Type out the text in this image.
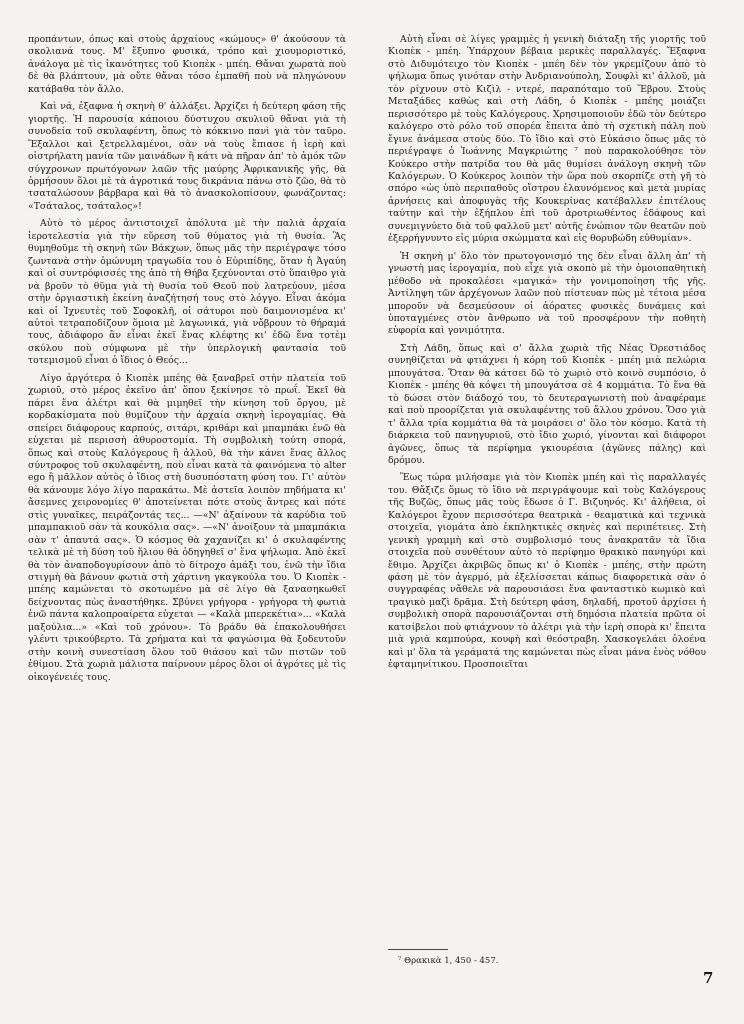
προπάντων, όπως καὶ στοὺς ἀρχαίους «κώμους» θ' ἀκούσουν τὰ σκολιανά τους. Μ' ἔξυπνο φυσικά, τρόπο καὶ χιουμοριστικό, ἀνάλογα μὲ τὶς ἱκανότητες τοῦ Κιοπὲκ - μπέη. Θἄναι χωρατὰ ποὺ δὲ θὰ βλάπτουν, μὰ οὔτε θἄναι τόσο ἐμπαθῆ ποὺ νὰ πληγώνουν κατάβαθα τὸν ἄλλο.

Καὶ νά, ἐξαφνα ἡ σκηνὴ θ' ἀλλάξει. Ἀρχίζει ἡ δεύτερη φάση τῆς γιορτῆς. Ἡ παρουσία κάποιου δύστυχου σκυλιοῦ θἄναι γιὰ τὴ συνοδεία τοῦ σκυλαφέντη, ὅπως τὸ κόκκινο πανὶ γιὰ τὸν ταῦρο. Ἔξαλλοι καὶ ξετρελλαμένοι, σὰν νὰ τοὺς ἔπιασε ἡ ἱερὴ καὶ οἰστρήλατη μανία τῶν μαινάδων ἢ κάτι νὰ πῆραν ἀπ' τὸ ἀμόκ τῶν σύγχρονων πρωτόγονων λαῶν τῆς μαύρης Ἀφρικανικῆς γῆς, θὰ ὁρμήσουν ὅλοι μὲ τὰ ἀγροτικά τους δικράνια πάνω στὸ ζῶο, θὰ τὸ τσαταλώσουν βάρβαρα καὶ θὰ τὸ ἀνασκολοπίσουν, φωνάζοντας: «Τσάταλος, τσάταλος»!

Αὐτὸ τὸ μέρος ἀντιστοιχεῖ ἀπόλυτα μὲ τὴν παλιὰ ἀρχαία ἱεροτελεστία γιὰ τὴν εὕρεση τοῦ θύματος γιὰ τὴ θυσία. Ἂς θυμηθοῦμε τὴ σκηνὴ τῶν Βάκχων, ὅπως μᾶς τὴν περιέγραψε τόσο ζωντανὰ στὴν ὁμώνυμη τραγωδία του ὁ Εὐριπίδης, ὅταν ἡ Ἀγαύη καὶ οἱ συντρόφισσές της ἀπὸ τὴ Θήβα ξεχύνονται στὸ ὕπαιθρο γιὰ νὰ βροῦν τὸ θῦμα γιὰ τὴ θυσία τοῦ Θεοῦ ποὺ λατρεύουν, μέσα στὴν ὀργιαστικὴ ἐκείνη ἀναζήτησή τους στὸ λόγγο. Εἶναι ἀκόμα καὶ οἱ Ἰχνευτὲς τοῦ Σοφοκλῆ, οἱ σάτυροι ποὺ δαιμονισμένα κι' αὐτοὶ τετραποδίζουν ὅμοια μὲ λαγωνικά, γιὰ νὄβρουν τὸ θήραμά τους, ἀδιάφορο ἂν εἶναι ἐκεῖ ἕνας κλέφτης κι' ἐδῶ ἕνα τοτὲμ σκύλου ποὺ σύμφωνα μὲ τὴν ὑπερλογικὴ φαντασία τοῦ τοτεμισμοῦ εἶναι ὁ ἴδιος ὁ Θεός...

Λίγο ἀργότερα ὁ Κιοπὲκ μπέης θὰ ξαναβρεῖ στὴν πλατεία τοῦ χωριοῦ, στὸ μέρος ἐκεῖνο ἀπ' ὅπου ξεκίνησε τὸ πρωΐ. Ἐκεῖ θὰ πάρει ἕνα ἀλέτρι καὶ θὰ μιμηθεῖ τὴν κίνηση τοῦ ὄργου, μὲ κορδακίσματα ποὺ θυμίζουν τὴν ἀρχαία σκηνὴ ἱερογαμίας. Θὰ σπείρει διάφορους καρπούς, σιτάρι, κριθάρι καὶ μπαμπάκι ἐνῶ θὰ εὐχεται μὲ περισσὴ ἀθυροστομία. Τὴ συμβολικὴ τούτη σπορά, ὅπως καὶ στοὺς Καλόγερους ἢ ἀλλοῦ, θὰ τὴν κάνει ἕνας ἄλλος σύντροφος τοῦ σκυλαφέντη, ποὺ εἶναι κατὰ τὰ φαινόμενα τὸ alter ego ἢ μᾶλλον αὐτὸς ὁ ἴδιος στὴ δυσυπόστατη φύση του. Γι' αὐτὸν θὰ κάνουμε λόγο λίγο παρακάτω. Μὲ ἀστεῖα λοιπὸν πηδήματα κι' ἄσεμνες χειρονομίες θ' ἀποτείνεται πότε στοὺς ἄντρες καὶ πότε στὶς γυναῖκες, πειράζοντάς τες... —«Ν' ἀξαίνουν τὰ καρύδια τοῦ μπαμπακιοῦ σὰν τὰ κουκόλια σας». —«Ν' ἀνοίξουν τὰ μπαμπάκια σὰν τ' ἀπαυτά σας». Ὁ κόσμος θὰ χαχανίζει κι' ὁ σκυλαφέντης τελικὰ μὲ τὴ δύση τοῦ ἥλιου θὰ ὁδηγηθεῖ σ' ἕνα ψήλωμα. Ἀπὸ ἐκεῖ θὰ τὸν ἀναποδογυρίσουν ἀπὸ τὸ δίτροχο ἀμάξι του, ἐνῶ τὴν ἴδια στιγμὴ θὰ βάνουν φωτιὰ στὴ χάρτινη γκαγκούλα του. Ὁ Κιοπὲκ - μπέης καμώνεται τὸ σκοτωμένο μὰ σὲ λίγο θὰ ξανασηκωθεῖ δείχνοντας πὼς ἀναστήθηκε. Σβύνει γρήγορα - γρήγορα τὴ φωτιὰ ἐνῶ πάντα καλοπροαίρετα εὐχεται — «Καλὰ μπερεκέτια»... «Καλὰ μαξούλια...» «Καὶ τοῦ χρόνου». Τὸ βράδυ θὰ ἐπακολουθήσει γλέντι τρικούβερτο. Τὰ χρήματα καὶ τὰ φαγώσιμα θὰ ξοδευτοῦν στὴν κοινὴ συνεστίαση ὅλου τοῦ θιάσου καὶ τῶν πιστῶν τοῦ ἐθίμου. Στὰ χωριὰ μάλιστα παίρνουν μέρος ὅλοι οἱ ἀγρότες μὲ τὶς οἰκογένειές τους.

Αὐτὴ εἶναι σὲ λίγες γραμμὲς ἡ γενικὴ διάταξη τῆς γιορτῆς τοῦ Κιοπὲκ - μπέη. Ὑπάρχουν βέβαια μερικὲς παραλλαγές. Ἔξαφνα στὸ Διδυμότειχο τὸν Κιοπὲκ - μπέη δὲν τὸν γκρεμίζουν ἀπὸ τὸ ψήλωμα ὅπως γινόταν στὴν Ἀνδριανούπολη, Σουφλὶ κι' ἀλλοῦ, μὰ τὸν ρίχνουν στὸ Κιζὶλ - ντερέ, παραπόταμο τοῦ Ἕβρου. Στοὺς Μεταξάδες καθὼς καὶ στὴ Λάδη, ὁ Κιοπὲκ - μπέης μοιάζει περισσότερο μὲ τοὺς Καλόγερους. Χρησιμοποιοῦν ἐδῶ τὸν δεύτερο καλόγερο στὸ ρόλο τοῦ σπορέα ἔπειτα ἀπὸ τὴ σχετικὴ πάλη ποὺ ἔγινε ἀνάμεσα στοὺς δύο. Τὸ ἴδιο καὶ στὸ Εὐκάσιο ὅπως μᾶς τὸ περιέγραψε ὁ Ἰωάννης Μαγκριώτης ⁷ ποὺ παρακολούθησε τὸν Κούκερο στὴν πατρίδα του θὰ μᾶς θυμίσει ἀνάλογη σκηνὴ τῶν Καλόγερων. Ὁ Κούκερος λοιπὸν τὴν ὥρα ποὺ σκορπίζε στὴ γῆ τὸ σπόρο «ὡς ὑπὸ περιπαθοῦς οἴστρου ἐλαυνόμενος καὶ μετὰ μυρίας ἀρνήσεις καὶ ἀποφυγὰς τῆς Κουκερίνας κατέβαλλεν ἐπιτέλους ταύτην καὶ τὴν ἐξήπλου ἐπὶ τοῦ ἀροτριωθέντος ἐδάφους καὶ συνεμιγνύετο διὰ τοῦ φαλλοῦ μετ' αὐτῆς ἐνώπιον τῶν θεατῶν ποὺ ἐξερρήγνυντο εἰς μύρια σκώμματα καὶ εἰς θορυβώδη εὐθυμίαν».

Ἡ σκηνὴ μ' ὅλο τὸν πρωτογονισμό της δὲν εἶναι ἄλλη ἀπ' τὴ γνωστὴ μας ἱερογαμία, ποὺ εἶχε γιὰ σκοπὸ μὲ τὴν ὁμοιοπαθητικὴ μέθοδο νὰ προκαλέσει «μαγικά» τὴν γονιμοποίηση τῆς γῆς. Ἀντίληψη τῶν ἀρχέγονων λαῶν ποὺ πίστευαν πὼς μὲ τέτοια μέσα μποροῦν νὰ δεσμεύσουν οἱ ἀόρατες φυσικὲς δυνάμεις καὶ ὑποταγμένες στὸν ἄνθρωπο νὰ τοῦ προσφέρουν τὴν ποθητὴ εὐφορία καὶ γονιμότητα.

Στὴ Λάδη, ὅπως καὶ σ' ἄλλα χωριὰ τῆς Νέας Ὀρεστιάδος συνηθίζεται νὰ φτιάχνει ἡ κόρη τοῦ Κιοπὲκ - μπέη μιὰ πελώρια μπουγάτσα. Ὅταν θὰ κάτσει δῶ τὸ χωριὸ στὸ κοινὸ συμπόσιο, ὁ Κιοπὲκ - μπέης θὰ κόψει τὴ μπουγάτσα σὲ 4 κομμάτια. Τὸ ἕνα θὰ τὸ δώσει στὸν διάδοχό του, τὸ δευτεραγωνιστὴ ποὺ ἀναφέραμε καὶ ποὺ προορίζεται γιὰ σκυλαφέντης τοῦ ἄλλου χρόνου. Ὅσο γιὰ τ' ἄλλα τρία κομμάτια θὰ τὰ μοιράσει σ' ὅλο τὸν κόσμο. Κατὰ τὴ διάρκεια τοῦ πανηγυριοῦ, στὸ ἴδιο χωριό, γίνονται καὶ διάφοροι ἀγῶνες, ὅπως τὰ περίφημα γκιουρέσια (ἀγῶνες πάλης) καὶ δρόμου.

Ἕως τώρα μιλήσαμε γιὰ τὸν Κιοπὲκ μπέη καὶ τὶς παραλλαγές του. Θἄξιζε ὅμως τὸ ἴδιο νὰ περιγράψουμε καὶ τοὺς Καλόγερους τῆς Βυζῶς, ὅπως μᾶς τοὺς ἔδωσε ὁ Γ. Βιζυηνός. Κι' ἀλήθεια, οἱ Καλόγεροι ἔχουν περισσότερα θεατρικὰ - θεαματικὰ καὶ τεχνικὰ στοιχεῖα, γιομάτα ἀπὸ ἐκπληκτικὲς σκηνὲς καὶ περιπέτειες. Στὴ γενικὴ γραμμὴ καὶ στὸ συμβολισμό τους ἀνακρατᾶν τὰ ἴδια στοιχεῖα ποὺ συνθέτουν αὐτὸ τὸ περίφημο θρακικὸ πανηγύρι καὶ ἔθιμο. Ἀρχίζει ἀκριβῶς ὅπως κι' ὁ Κιοπὲκ - μπέης, στὴν πρώτη φάση μὲ τὸν ἀγερμό, μὰ ἐξελίσσεται κάπως διαφορετικὰ σὰν ὁ συγγραφέας νἄθελε νὰ παρουσιάσει ἕνα φανταστικὸ κωμικὸ καὶ τραγικὸ μαζὶ δρᾶμα. Στὴ δεύτερη φάση, δηλαδή, προτοῦ ἀρχίσει ἡ συμβολικὴ σπορὰ παρουσιάζονται στὴ δημόσια πλατεία πρῶτα οἱ κατσίβελοι ποὺ φτιάχνουν τὸ ἀλέτρι γιὰ τὴν ἱερὴ σπορὰ κι' ἔπειτα μιὰ γριὰ καμπούρα, κουφὴ καὶ θεόστραβη. Χασκογελάει ὁλοένα καὶ μ' ὅλα τὰ γεράματά της καμώνεται πὼς εἶναι μάνα ἑνὸς νόθου ἐφταμηνίτικου. Προσποιεῖται

⁷ Θρακικὰ 1, 450 - 457.
7
